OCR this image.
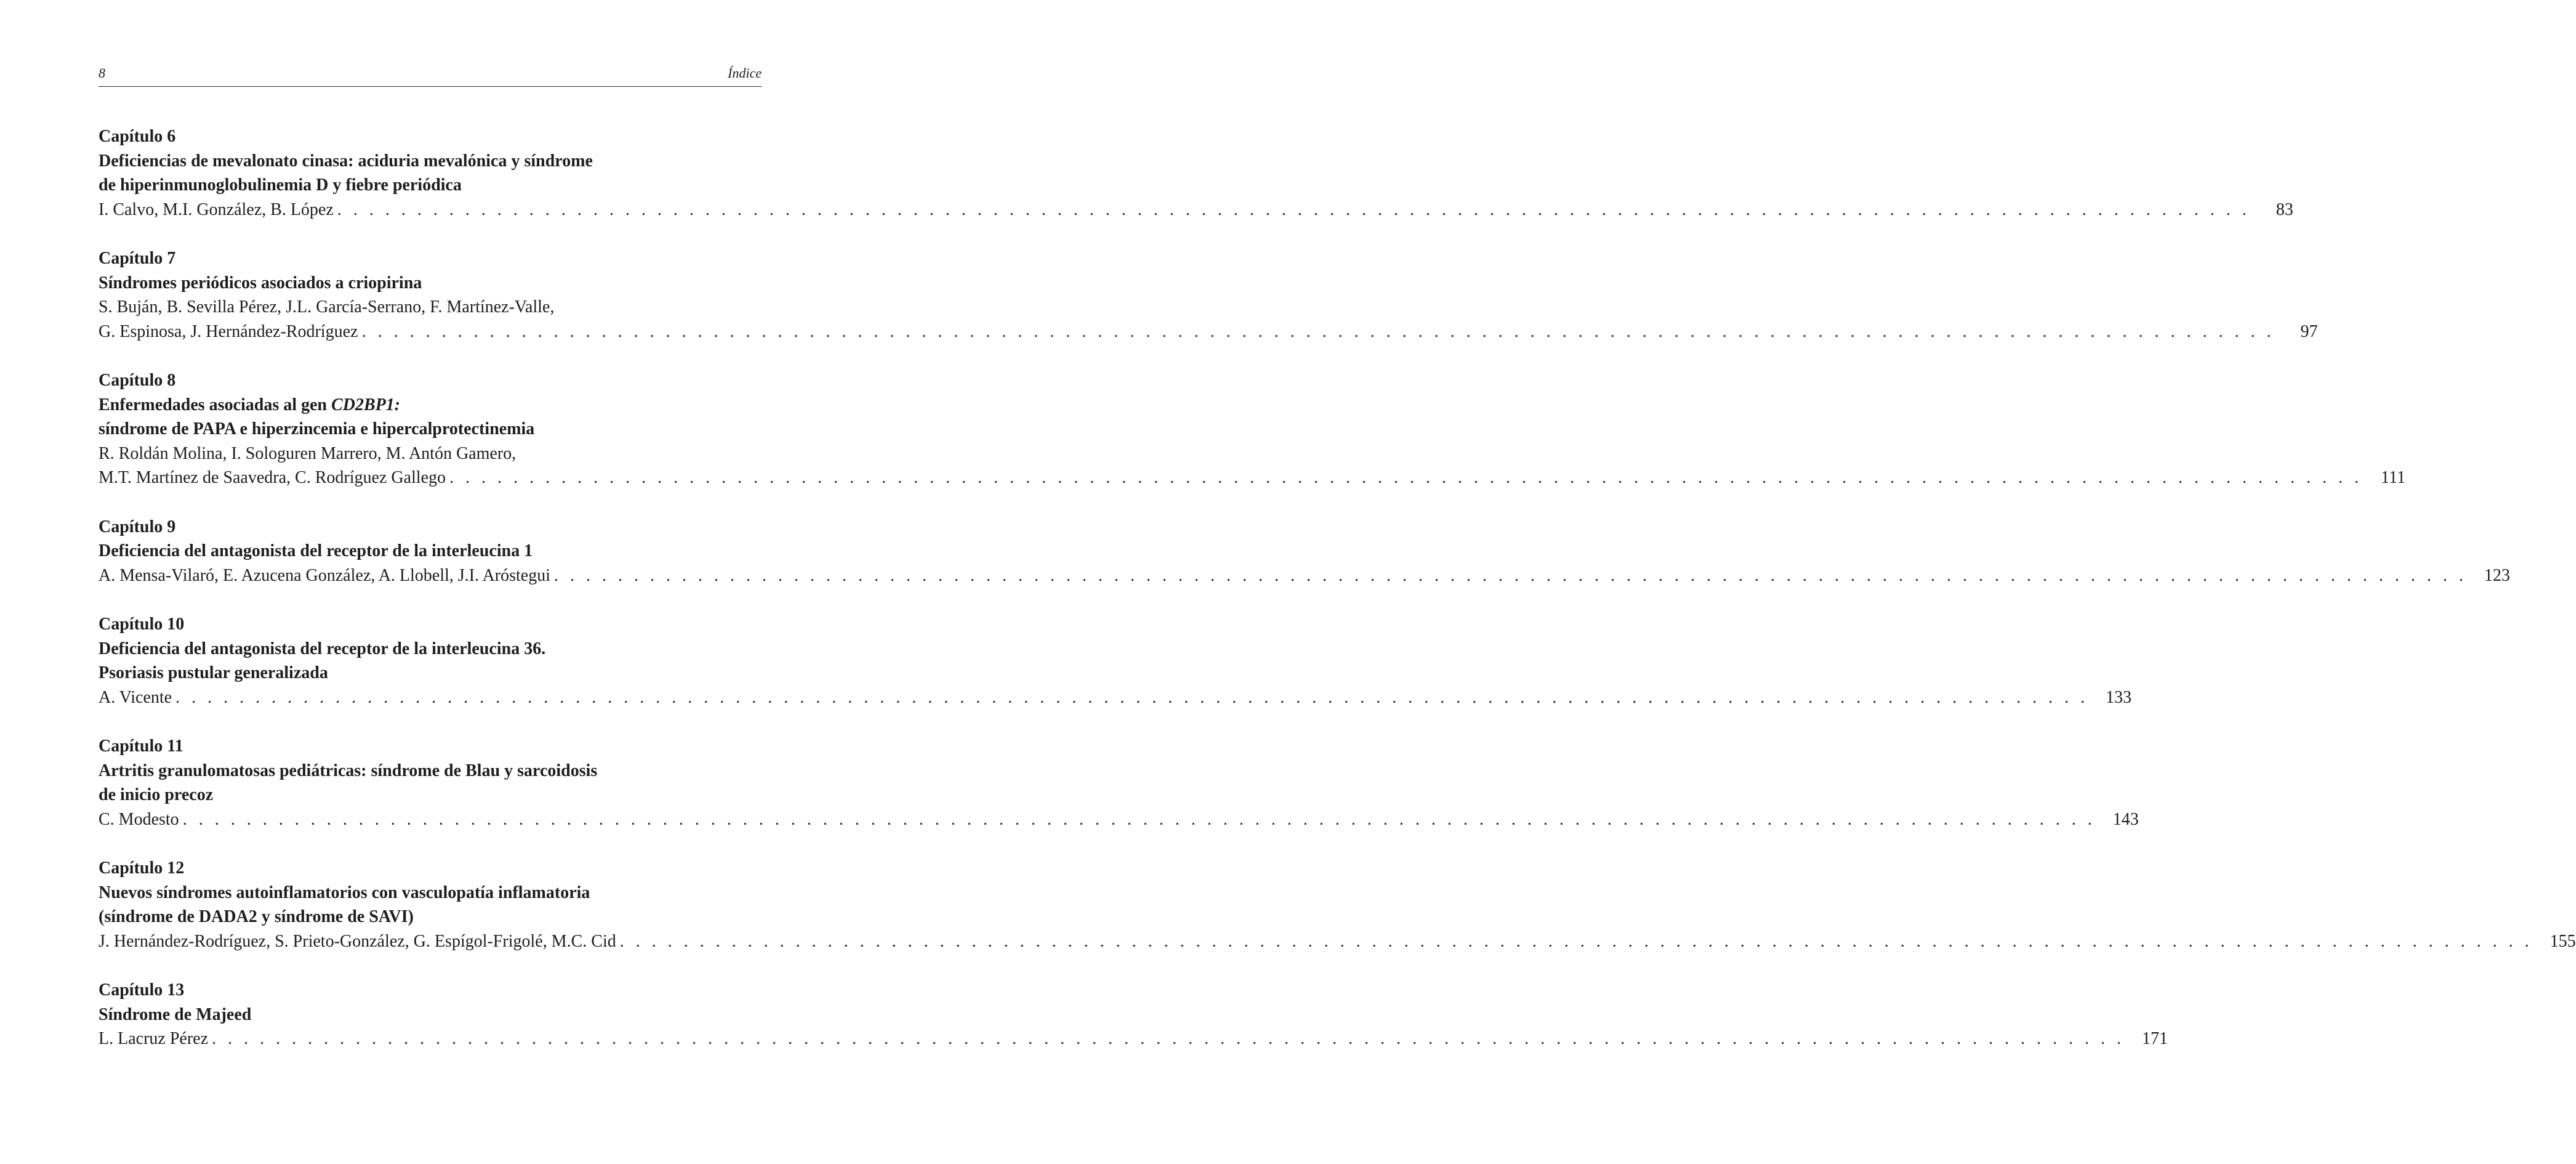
8	Índice
Capítulo 6
Deficiencias de mevalonato cinasa: aciduria mevalónica y síndrome
de hiperinmunoglobulinemia D y fiebre periódica
I. Calvo, M.I. González, B. López . . . . . . . . . . . . . . . . . . . . . . . . . . . . . . . . . . . . . . . . . . . . . . . . . . . . . . . . . . . . . . . . . . . . . . . . . . . . . . . . . . . . . . . . . . . . . . . . . . . . . . . . . . . . . . . . . . . . . . . .	83
Capítulo 7
Síndromes periódicos asociados a criopirina
S. Buján, B. Sevilla Pérez, J.L. García-Serrano, F. Martínez-Valle,
G. Espinosa, J. Hernández-Rodríguez . . . . . . . . . . . . . . . . . . . . . . . . . . . . . . . . . . . . . . . . . . . . . . . . . . . . . . . . . . . . . . . . . . . . . . . . . . . . . . . . . . . . . . . . . . . . . . . . . . . . . . . . . . . . . . . . . . . . . . . .	97
Capítulo 8
Enfermedades asociadas al gen CD2BP1:
síndrome de PAPA e hiperzincemia e hipercalprotectinemia
R. Roldán Molina, I. Sologuren Marrero, M. Antón Gamero,
M.T. Martínez de Saavedra, C. Rodríguez Gallego . . . . . . . . . . . . . . . . . . . . . . . . . . . . . . . . . . . . . . . . . . . . . . . . . . . . . . . . . . . . . . . . . . . . . . . . . . . . . . . . . . . . . . . . . . . . . . . . . . . . . . . . . . . . . . . . . . . . . . . .	111
Capítulo 9
Deficiencia del antagonista del receptor de la interleucina 1
A. Mensa-Vilaró, E. Azucena González, A. Llobell, J.I. Aróstegui . . . . . . . . . . . . . . . . . . . . . . . . . . . . . . . . . . . . . . . . . . . . . . . . . . . . . . . . . . . . . . . . . . . . . . . . . . . . . . . . . . . . . . . . . . . . . . . . . . . . . . . . . . . . . . . . . . . . . . . .	123
Capítulo 10
Deficiencia del antagonista del receptor de la interleucina 36.
Psoriasis pustular generalizada
A. Vicente . . . . . . . . . . . . . . . . . . . . . . . . . . . . . . . . . . . . . . . . . . . . . . . . . . . . . . . . . . . . . . . . . . . . . . . . . . . . . . . . . . . . . . . . . . . . . . . . . . . . . . . . . . . . . . . . . . . . . . . .	133
Capítulo 11
Artritis granulomatosas pediátricas: síndrome de Blau y sarcoidosis
de inicio precoz
C. Modesto . . . . . . . . . . . . . . . . . . . . . . . . . . . . . . . . . . . . . . . . . . . . . . . . . . . . . . . . . . . . . . . . . . . . . . . . . . . . . . . . . . . . . . . . . . . . . . . . . . . . . . . . . . . . . . . . . . . . . . . .	143
Capítulo 12
Nuevos síndromes autoinflamatorios con vasculopatía inflamatoria
(síndrome de DADA2 y síndrome de SAVI)
J. Hernández-Rodríguez, S. Prieto-González, G. Espígol-Frigolé, M.C. Cid . . . . . . . . . . . . . . . . . . . . . . . . . . . . . . . . . . . . . . . . . . . . . . . . . . . . . . . . . . . . . . . . . . . . . . . . . . . . . . . . . . . . . . . . . . . . . . . . . . . . . . . . . . . . . . . . . . . . . . . .	155
Capítulo 13
Síndrome de Majeed
L. Lacruz Pérez . . . . . . . . . . . . . . . . . . . . . . . . . . . . . . . . . . . . . . . . . . . . . . . . . . . . . . . . . . . . . . . . . . . . . . . . . . . . . . . . . . . . . . . . . . . . . . . . . . . . . . . . . . . . . . . . . . . . . . . .	171
